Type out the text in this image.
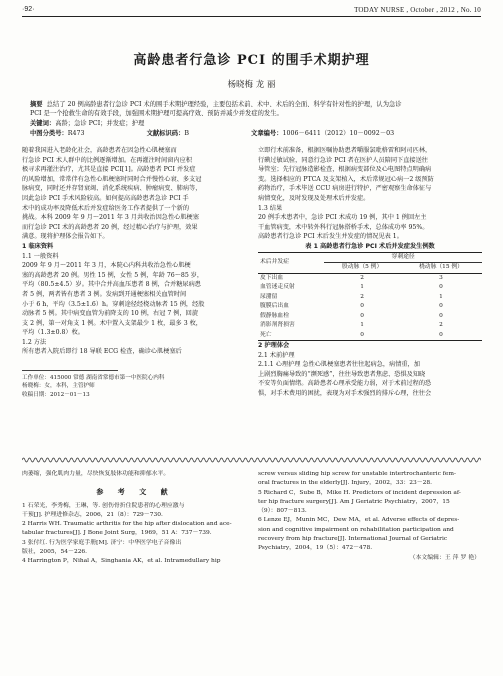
·92·	TODAY NURSE , October , 2012 , No. 10
高龄患者行急诊 PCI 的围手术期护理
杨晓梅 龙 丽
摘要 总结了 20 例高龄患者行急诊 PCI 术的围手术期护理经验，主要包括术前、术中、术后的全面、科学有针对性的护理，认为急诊
PCI 是一个抢救生命的有效手段，加强围术期护理可提高疗效、预防并减少并发症的发生。
关键词：高龄；急诊 PCI；并发症；护理
中图分类号：R473	文献标识码：B	文章编号：1006－6411（2012）10－0092－03
随着我国进入老龄化社会，高龄患者在因急性心肌梗塞而
行急诊 PCI 术人群中的比例逐渐增加。在再灌注时间窗内应积
极寻求再灌注治疗，尤其是直接 PCI[1]。高龄患者 PCI 并发症
的风险增加，常常伴有急性心肌梗塞时同时合并慢性心衰、多支冠
脉病变，同时还并存肾衰竭、消化系统疾病、肿瘤病变、肺病等，
因此急诊 PCI 手术风险较高。如何提高高龄患者急诊 PCI 手
术中的成功率及降低术后并发症给医务工作者提供了一个新的
挑战。本科 2009 年 9 月～2011 年 3 月共收治因急性心肌梗塞
而行急诊 PCI 术的高龄患者 20 例，经过精心治疗与护理，效果
满意。现将护理体会报告如下。
1 临床资料
1.1 一般资料
2009 年 9 月～2011 年 3 月，本院心内科共收治急性心肌梗
塞的高龄患者 20 例。男性 15 例，女性 5 例，年龄 76～85 岁，
平均（80.5±4.5）岁。其中合并高血压患者 8 例，合并糖尿病患
者 5 例，两者皆有患者 3 例。发病到开通梗塞相关血管时间
小于 6 h，平均（3.5±1.6）h。穿刺途径经桡动脉者 15 例，经股
动脉者 5 例。其中病变血管为前降支的 10 例，右冠 7 例，回旋
支 2 例，第一对角支 1 例。术中置入支架最少 1 枚，最多 3 枚，
平均（1.3±0.8）枚。
1.2 方法
所有患者入院后即行 18 导联 ECG 检查，确诊心肌梗塞后
工作单位：415000 常德 湖南省常德市第一中医院心内科
杨晓梅：女，本科，主管护师
收稿日期：2012－01－13
立即行术前准备，根据医嘱协助患者嚼服氯吡格雷和阿司匹林，
行碘过敏试验，同意行急诊 PCI 者在医护人员陪同下直接送往
导管室；先行冠脉造影检查，根据病变部位及心电图特点明确病
变。选择相应的 PTCA 及支架植入，术后常规冠心病一2 级预防
药物治疗，手术毕送 CCU 病房进行特护，严密观察生命体征与
病情变化，及时发现及处理术后并发症。
1.3 结果
20 例手术患者中，急诊 PCI 术成功 19 例，其中 1 例回左主
干血管病变，术中转外科行冠脉搭桥手术，总体成功率 95%。
高龄患者行急诊 PCI 术后发生并发症的情况见表 1。
表 1 高龄患者行急诊 PCI 术后并发症发生例数
术后并发症	穿刺途径	
	股动脉（5 例）	桡动脉（15 例）
皮下出血	2	3
血管迷走反射	1	0
尿潴留	2	1
腹膜后出血	0	0
假静脉血栓	0	0
消影剂肾损害	1	2
死亡	0	0
2 护理体会
2.1 术前护理
2.1.1 心理护理 急性心肌梗塞患者往往起病急，病情重，加
上剧烈胸痛导致的“濒死感”，往往导致患者焦虑、恐惧及知晓
不安等负面情绪。高龄患者心理承受能力弱，对于术前过程的恐
惧，对手术费用的困扰，表现为对手术强烈的排斥心理，往往会
肉萎缩，强化肌肉力量，尽快恢复肢体功能和抑郁水平。
参 考 文 献
1 石荣光，李秀梅，王琳，等. 创伤骨折住院患者的心理应激与
干预[J]. 护理进修杂志，2006，21（8）：729－730.
2 Harris WH. Traumatic arthritis for the hip after dislocation and ace-
tabular fractures[J]. J Bone Joint Surg，1969，51 A：737－739.
3 张付红. 行为医学家庭手册[M]. 济宁：中华医学电子音像出
版社，2005，54－226.
4 Harrington P，Nihal A，Singhania AK，et al. Intramedullary hip
screw versus sliding hip screw for unstable intertrochanteric fem-
oral fractures in the elderly[J]. Injury，2002，33：23－28.
5 Richard C，Sube B，Mike H. Predictors of incident depression af-
ter hip fracture surgery[J]. Am J Geriatric Psychiatry，2007，15
（9）：807－813.
6 Lenze EJ，Munin MC，Dew MA，et al. Adverse effects of depres-
sion and cognitive impairment on rehabilitation participation and
recovery from hip fracture[J]. International Journal of Geriatric
Psychiatry，2004，19（5）：472－478.
（本文编辑：王 萍 罗 艳）
